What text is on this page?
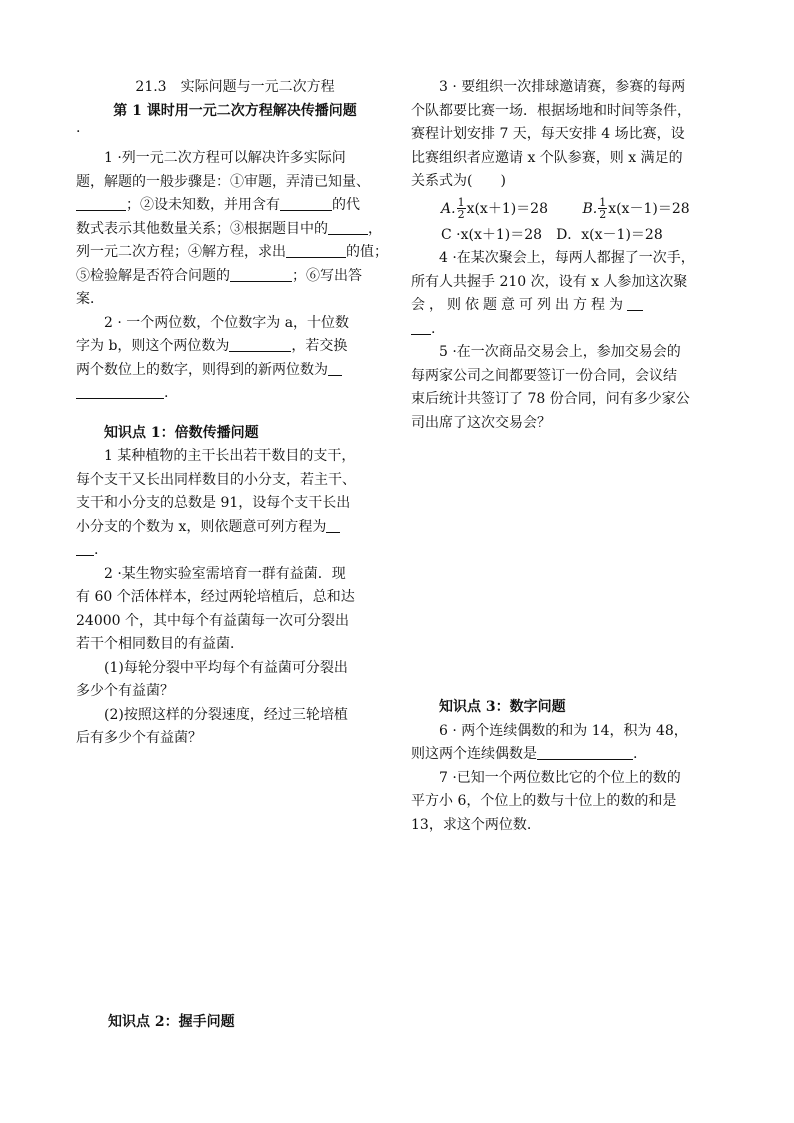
21.3　实际问题与一元二次方程

第 1 课时用一元二次方程解决传播问题

.

1 ·列一元二次方程可以解决许多实际问

题，解题的一般步骤是：①审题，弄清已知量、

；②设未知数，并用含有	的代

数式表示其他数量关系；③根据题目中的	，

列一元二次方程；④解方程，求出	的值；

⑤检验解是否符合问题的	；⑥写出答

案．

2 · 一个两位数，个位数字为 a，十位数

字为 b，则这个两位数为	，若交换

两个数位上的数字，则得到的新两位数为

.

知识点 1：倍数传播问题

1 某种植物的主干长出若干数目的支干，

每个支干又长出同样数目的小分支，若主干、

支干和小分支的总数是 91，设每个支干长出

小分支的个数为 x，则依题意可列方程为

.

2 ·某生物实验室需培育一群有益菌．现

有 60 个活体样本，经过两轮培植后，总和达

24000 个，其中每个有益菌每一次可分裂出

若干个相同数目的有益菌．

(1)每轮分裂中平均每个有益菌可分裂出

多少个有益菌？

(2)按照这样的分裂速度，经过三轮培植

后有多少个有益菌？

知识点 2：握手问题

3 · 要组织一次排球邀请赛，参赛的每两

个队都要比赛一场．根据场地和时间等条件，

赛程计划安排 7 天，每天安排 4 场比赛，设

比赛组织者应邀请 x 个队参赛，则 x 满足的

关系式为(　　)

A. $\frac{1}{2} x(x+1)=28$ B. $\frac{1}{2} x(x-1)=28$
C ·x(x＋1)＝28 D．x(x－1)＝28

4 ·在某次聚会上，每两人都握了一次手，

所有人共握手 210 次，设有 x 人参加这次聚

会，则依题意可列出方程为

.

5 ·在一次商品交易会上，参加交易会的

每两家公司之间都要签订一份合同，会议结

束后统计共签订了 78 份合同，问有多少家公

司出席了这次交易会？

知识点 3：数字问题

6 · 两个连续偶数的和为 14，积为 48，

则这两个连续偶数是	.

7 ·已知一个两位数比它的个位上的数的

平方小 6，个位上的数与十位上的数的和是

13，求这个两位数.
